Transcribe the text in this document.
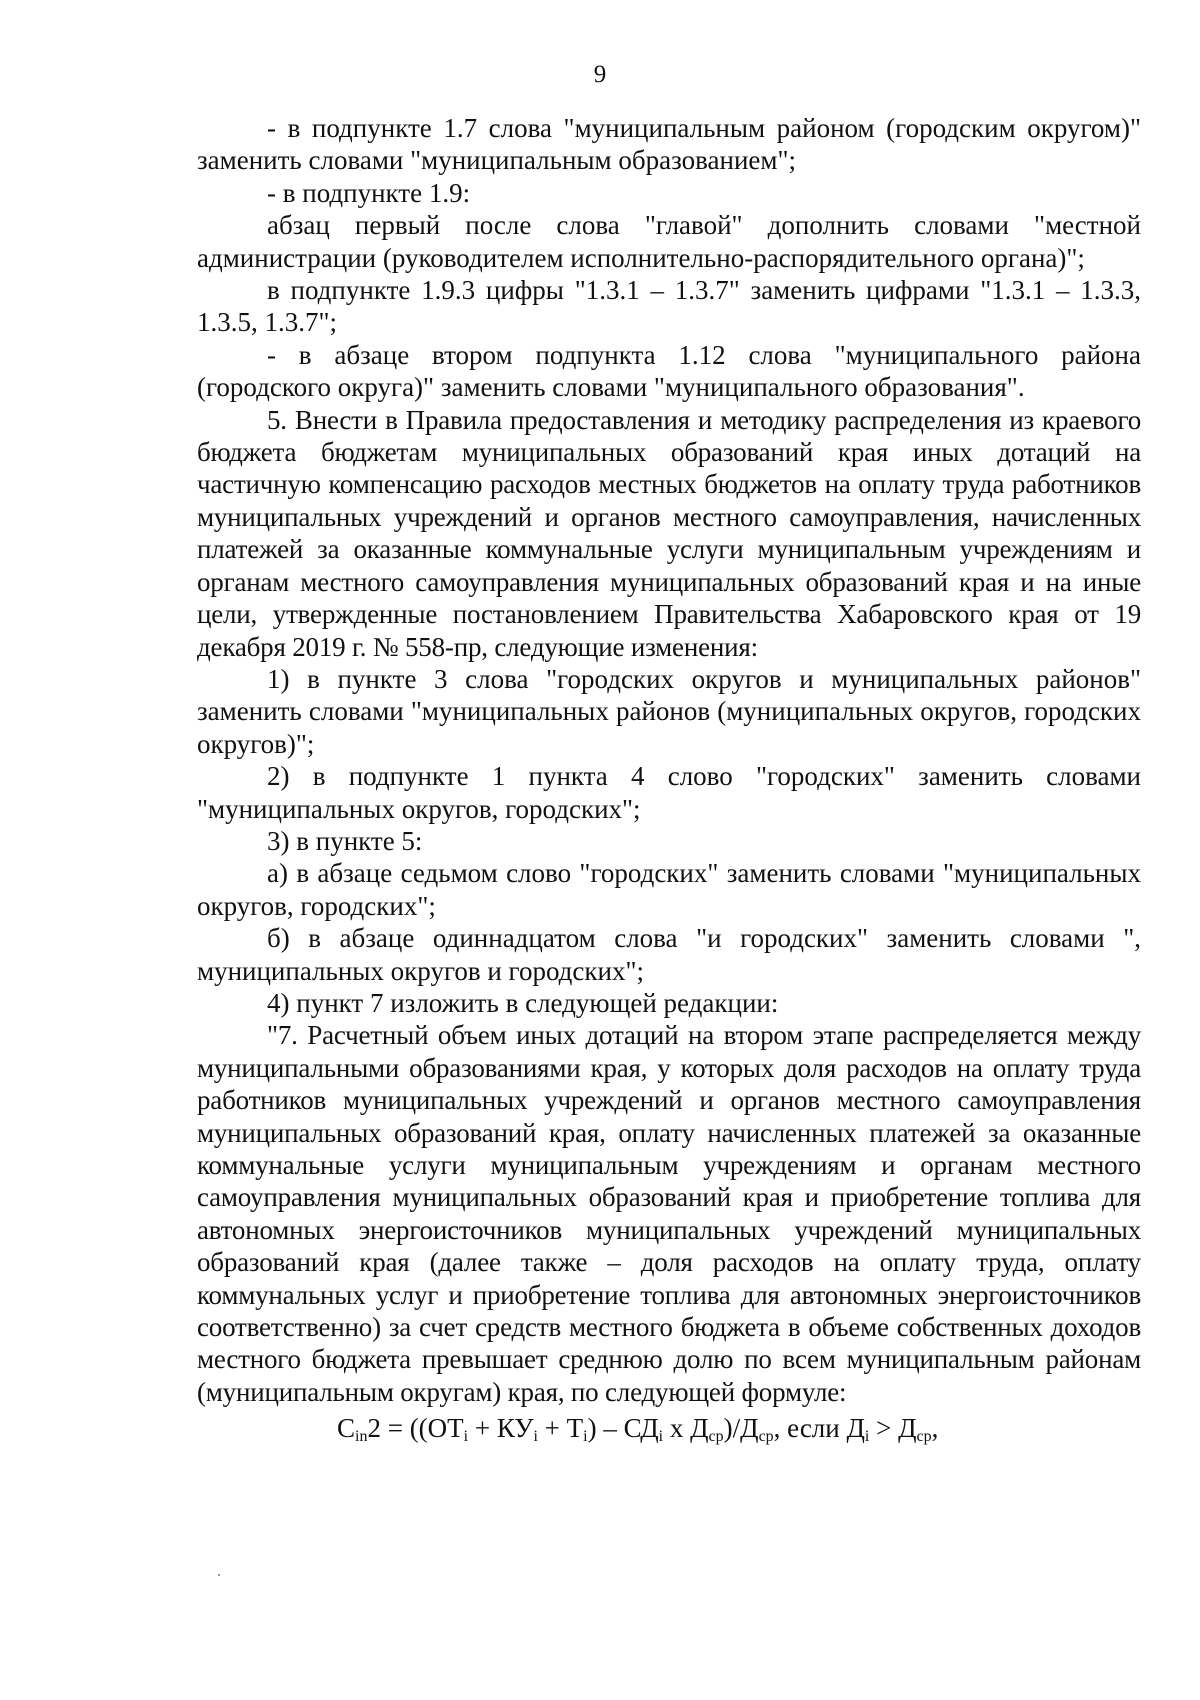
9

- в подпункте 1.7 слова "муниципальным районом (городским округом)" заменить словами "муниципальным образованием";

- в подпункте 1.9:

абзац первый после слова "главой" дополнить словами "местной администрации (руководителем исполнительно-распорядительного органа)";

в подпункте 1.9.3 цифры "1.3.1 – 1.3.7" заменить цифрами "1.3.1 – 1.3.3, 1.3.5, 1.3.7";

- в абзаце втором подпункта 1.12 слова "муниципального района (городского округа)" заменить словами "муниципального образования".

5. Внести в Правила предоставления и методику распределения из краевого бюджета бюджетам муниципальных образований края иных дотаций на частичную компенсацию расходов местных бюджетов на оплату труда работников муниципальных учреждений и органов местного самоуправления, начисленных платежей за оказанные коммунальные услуги муниципальным учреждениям и органам местного самоуправления муниципальных образований края и на иные цели, утвержденные постановлением Правительства Хабаровского края от 19 декабря 2019 г. № 558-пр, следующие изменения:

1) в пункте 3 слова "городских округов и муниципальных районов" заменить словами "муниципальных районов (муниципальных округов, городских округов)";

2) в подпункте 1 пункта 4 слово "городских" заменить словами "муниципальных округов, городских";

3) в пункте 5:

а) в абзаце седьмом слово "городских" заменить словами "муниципальных округов, городских";

б) в абзаце одиннадцатом слова "и городских" заменить словами ", муниципальных округов и городских";

4) пункт 7 изложить в следующей редакции:

"7. Расчетный объем иных дотаций на втором этапе распределяется между муниципальными образованиями края, у которых доля расходов на оплату труда работников муниципальных учреждений и органов местного самоуправления муниципальных образований края, оплату начисленных платежей за оказанные коммунальные услуги муниципальным учреждениям и органам местного самоуправления муниципальных образований края и приобретение топлива для автономных энергоисточников муниципальных учреждений муниципальных образований края (далее также – доля расходов на оплату труда, оплату коммунальных услуг и приобретение топлива для автономных энергоисточников соответственно) за счет средств местного бюджета в объеме собственных доходов местного бюджета превышает среднюю долю по всем муниципальным районам (муниципальным округам) края, по следующей формуле:

$С_{in}2 = ((ОТ_i + КУ_i + Т_i) - СД_i$ x $Д_{ср})/Д_{ср}$, если $Д_i > Д_{ср}$,
